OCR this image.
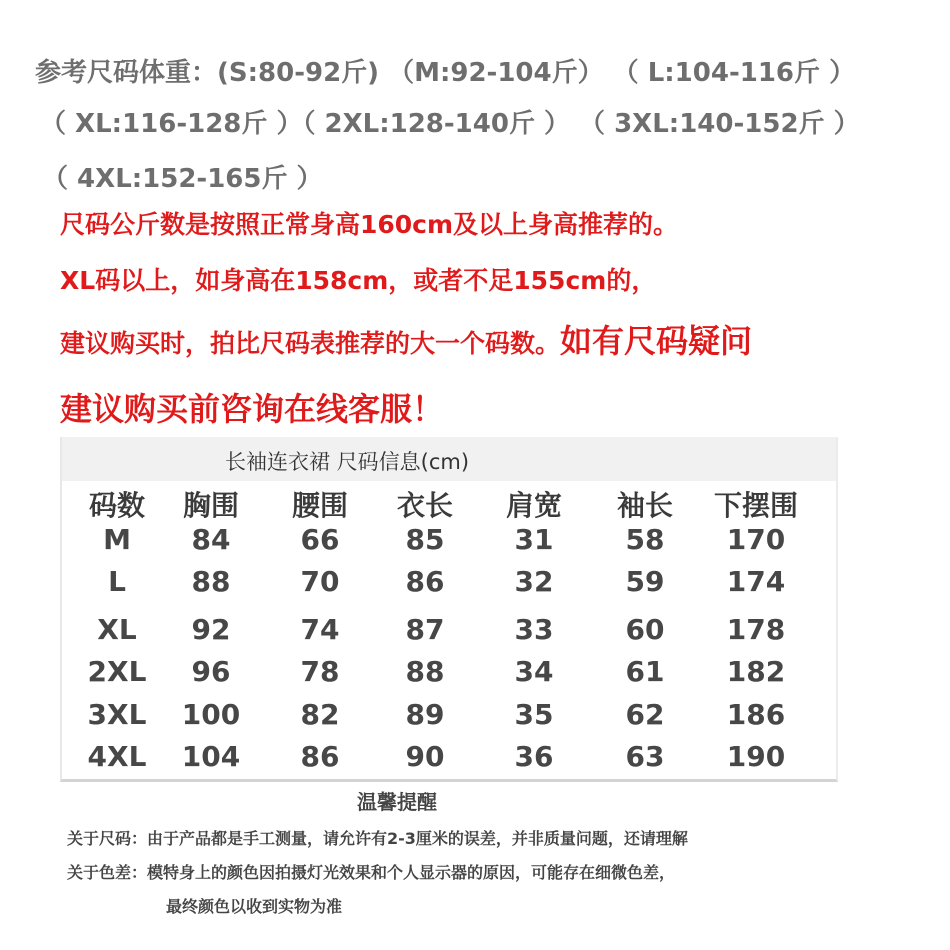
参考尺码体重：(S:80-92斤) （M:92-104斤） （ L:104-116斤 ）
（ XL:116-128斤 ）（ 2XL:128-140斤 ） （ 3XL:140-152斤 ）
（ 4XL:152-165斤 ）
尺码公斤数是按照正常身高160cm及以上身高推荐的。
XL码以上，如身高在158cm，或者不足155cm的，
建议购买时，拍比尺码表推荐的大一个码数。如有尺码疑问
建议购买前咨询在线客服！
长袖连衣裙 尺码信息(cm)
码数	胸围	腰围	衣长	肩宽	袖长	下摆围
M	84	66	85	31	58	170
L	88	70	86	32	59	174
XL	92	74	87	33	60	178
2XL	96	78	88	34	61	182
3XL	100	82	89	35	62	186
4XL	104	86	90	36	63	190
温馨提醒
关于尺码：由于产品都是手工测量，请允许有2-3厘米的误差，并非质量问题，还请理解
关于色差：模特身上的颜色因拍摄灯光效果和个人显示器的原因，可能存在细微色差，
最终颜色以收到实物为准
